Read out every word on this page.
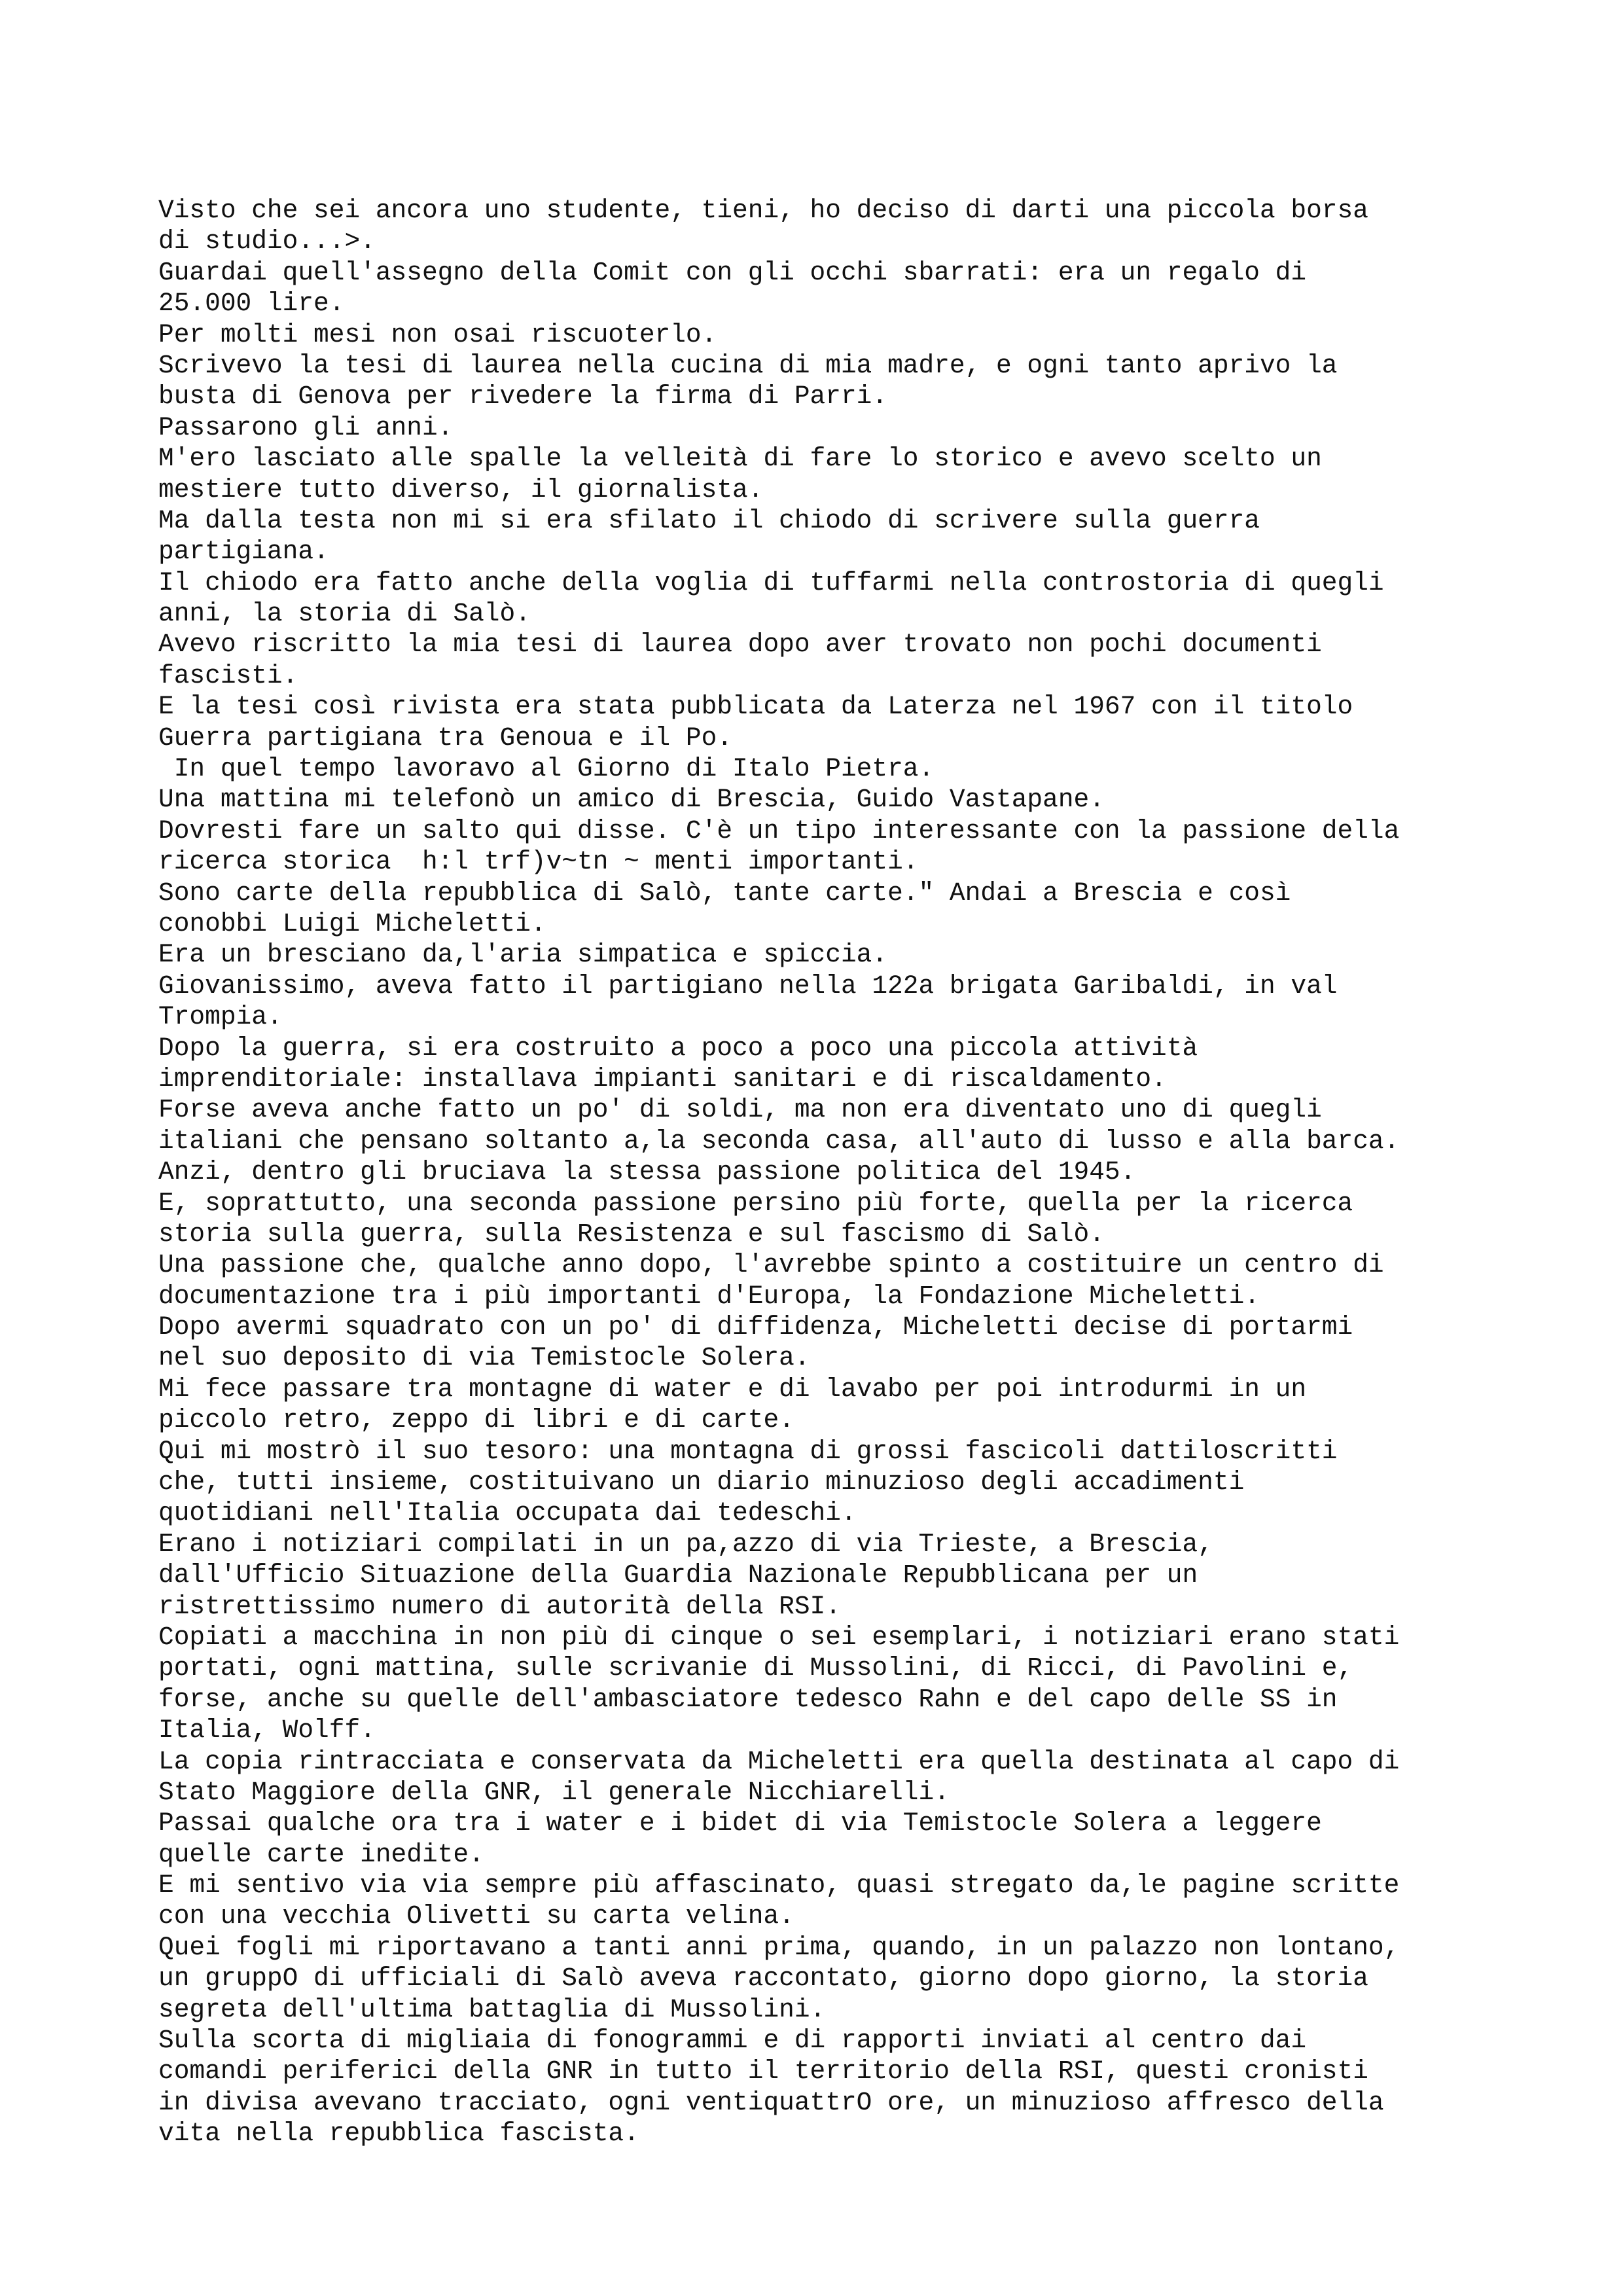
Visto che sei ancora uno studente, tieni, ho deciso di darti una piccola borsa
di studio...>.
Guardai quell'assegno della Comit con gli occhi sbarrati: era un regalo di
25.000 lire.
Per molti mesi non osai riscuoterlo.
Scrivevo la tesi di laurea nella cucina di mia madre, e ogni tanto aprivo la
busta di Genova per rivedere la firma di Parri.
Passarono gli anni.
M'ero lasciato alle spalle la velleità di fare lo storico e avevo scelto un
mestiere tutto diverso, il giornalista.
Ma dalla testa non mi si era sfilato il chiodo di scrivere sulla guerra
partigiana.
Il chiodo era fatto anche della voglia di tuffarmi nella controstoria di quegli
anni, la storia di Salò.
Avevo riscritto la mia tesi di laurea dopo aver trovato non pochi documenti
fascisti.
E la tesi così rivista era stata pubblicata da Laterza nel 1967 con il titolo
Guerra partigiana tra Genoua e il Po.
In quel tempo lavoravo al Giorno di Italo Pietra.
Una mattina mi telefonò un amico di Brescia, Guido Vastapane.
Dovresti fare un salto qui disse. C'è un tipo interessante con la passione della
ricerca storica  h:l trf)v~tn ~ menti importanti.
Sono carte della repubblica di Salò, tante carte." Andai a Brescia e così
conobbi Luigi Micheletti.
Era un bresciano da,l'aria simpatica e spiccia.
Giovanissimo, aveva fatto il partigiano nella 122a brigata Garibaldi, in val
Trompia.
Dopo la guerra, si era costruito a poco a poco una piccola attività
imprenditoriale: installava impianti sanitari e di riscaldamento.
Forse aveva anche fatto un po' di soldi, ma non era diventato uno di quegli
italiani che pensano soltanto a,la seconda casa, all'auto di lusso e alla barca.
Anzi, dentro gli bruciava la stessa passione politica del 1945.
E, soprattutto, una seconda passione persino più forte, quella per la ricerca
storia sulla guerra, sulla Resistenza e sul fascismo di Salò.
Una passione che, qualche anno dopo, l'avrebbe spinto a costituire un centro di
documentazione tra i più importanti d'Europa, la Fondazione Micheletti.
Dopo avermi squadrato con un po' di diffidenza, Micheletti decise di portarmi
nel suo deposito di via Temistocle Solera.
Mi fece passare tra montagne di water e di lavabo per poi introdurmi in un
piccolo retro, zeppo di libri e di carte.
Qui mi mostrò il suo tesoro: una montagna di grossi fascicoli dattiloscritti
che, tutti insieme, costituivano un diario minuzioso degli accadimenti
quotidiani nell'Italia occupata dai tedeschi.
Erano i notiziari compilati in un pa,azzo di via Trieste, a Brescia,
dall'Ufficio Situazione della Guardia Nazionale Repubblicana per un
ristrettissimo numero di autorità della RSI.
Copiati a macchina in non più di cinque o sei esemplari, i notiziari erano stati
portati, ogni mattina, sulle scrivanie di Mussolini, di Ricci, di Pavolini e,
forse, anche su quelle dell'ambasciatore tedesco Rahn e del capo delle SS in
Italia, Wolff.
La copia rintracciata e conservata da Micheletti era quella destinata al capo di
Stato Maggiore della GNR, il generale Nicchiarelli.
Passai qualche ora tra i water e i bidet di via Temistocle Solera a leggere
quelle carte inedite.
E mi sentivo via via sempre più affascinato, quasi stregato da,le pagine scritte
con una vecchia Olivetti su carta velina.
Quei fogli mi riportavano a tanti anni prima, quando, in un palazzo non lontano,
un gruppO di ufficiali di Salò aveva raccontato, giorno dopo giorno, la storia
segreta dell'ultima battaglia di Mussolini.
Sulla scorta di migliaia di fonogrammi e di rapporti inviati al centro dai
comandi periferici della GNR in tutto il territorio della RSI, questi cronisti
in divisa avevano tracciato, ogni ventiquattrO ore, un minuzioso affresco della
vita nella repubblica fascista.
